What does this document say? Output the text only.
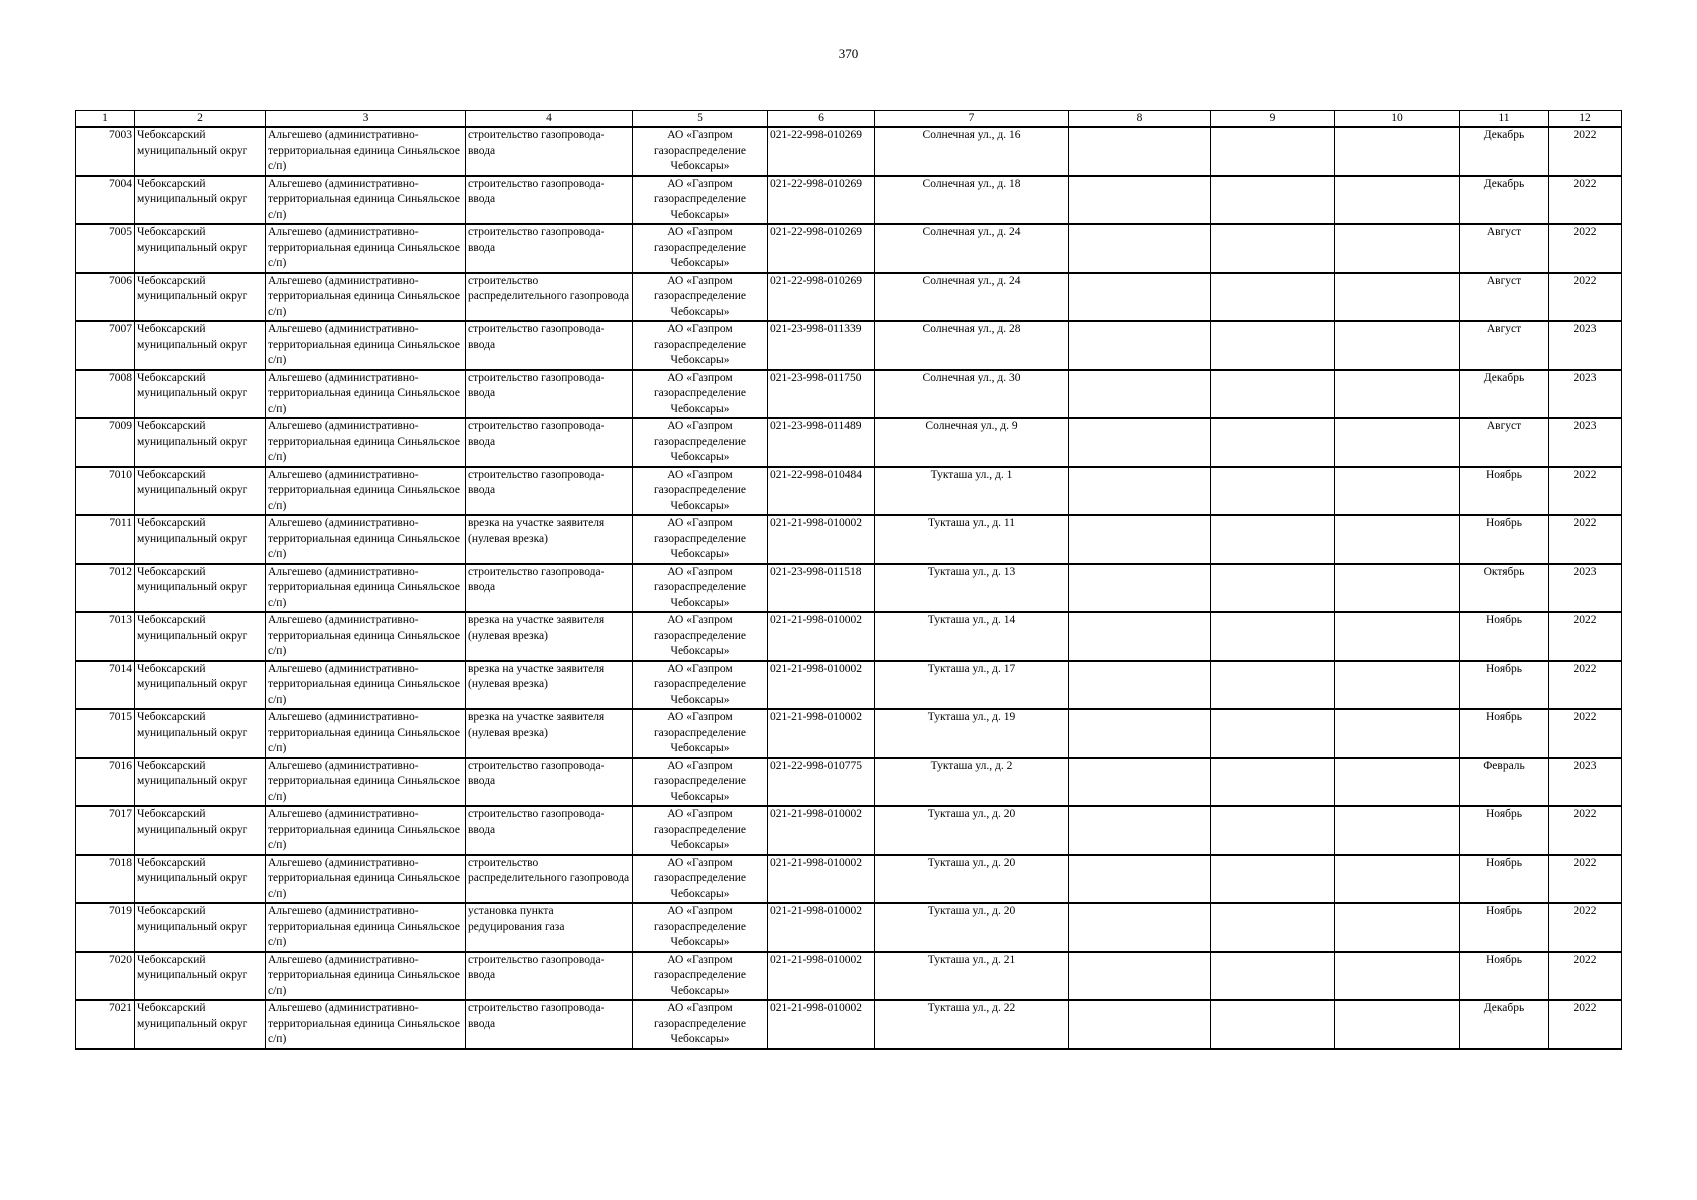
370
1	2	3	4	5	6	7	8	9	10	11	12
7003	Чебоксарский муниципальный округ	Альгешево (административно-территориальная единица Синьяльское с/п)	строительство газопровода-ввода	АО «Газпром газораспределение Чебоксары»	021-22-998-010269	Солнечная ул., д. 16				Декабрь	2022
7004	Чебоксарский муниципальный округ	Альгешево (административно-территориальная единица Синьяльское с/п)	строительство газопровода-ввода	АО «Газпром газораспределение Чебоксары»	021-22-998-010269	Солнечная ул., д. 18				Декабрь	2022
7005	Чебоксарский муниципальный округ	Альгешево (административно-территориальная единица Синьяльское с/п)	строительство газопровода-ввода	АО «Газпром газораспределение Чебоксары»	021-22-998-010269	Солнечная ул., д. 24				Август	2022
7006	Чебоксарский муниципальный округ	Альгешево (административно-территориальная единица Синьяльское с/п)	строительство распределительного газопровода	АО «Газпром газораспределение Чебоксары»	021-22-998-010269	Солнечная ул., д. 24				Август	2022
7007	Чебоксарский муниципальный округ	Альгешево (административно-территориальная единица Синьяльское с/п)	строительство газопровода-ввода	АО «Газпром газораспределение Чебоксары»	021-23-998-011339	Солнечная ул., д. 28				Август	2023
7008	Чебоксарский муниципальный округ	Альгешево (административно-территориальная единица Синьяльское с/п)	строительство газопровода-ввода	АО «Газпром газораспределение Чебоксары»	021-23-998-011750	Солнечная ул., д. 30				Декабрь	2023
7009	Чебоксарский муниципальный округ	Альгешево (административно-территориальная единица Синьяльское с/п)	строительство газопровода-ввода	АО «Газпром газораспределение Чебоксары»	021-23-998-011489	Солнечная ул., д. 9				Август	2023
7010	Чебоксарский муниципальный округ	Альгешево (административно-территориальная единица Синьяльское с/п)	строительство газопровода-ввода	АО «Газпром газораспределение Чебоксары»	021-22-998-010484	Тукташа ул., д. 1				Ноябрь	2022
7011	Чебоксарский муниципальный округ	Альгешево (административно-территориальная единица Синьяльское с/п)	врезка на участке заявителя (нулевая врезка)	АО «Газпром газораспределение Чебоксары»	021-21-998-010002	Тукташа ул., д. 11				Ноябрь	2022
7012	Чебоксарский муниципальный округ	Альгешево (административно-территориальная единица Синьяльское с/п)	строительство газопровода-ввода	АО «Газпром газораспределение Чебоксары»	021-23-998-011518	Тукташа ул., д. 13				Октябрь	2023
7013	Чебоксарский муниципальный округ	Альгешево (административно-территориальная единица Синьяльское с/п)	врезка на участке заявителя (нулевая врезка)	АО «Газпром газораспределение Чебоксары»	021-21-998-010002	Тукташа ул., д. 14				Ноябрь	2022
7014	Чебоксарский муниципальный округ	Альгешево (административно-территориальная единица Синьяльское с/п)	врезка на участке заявителя (нулевая врезка)	АО «Газпром газораспределение Чебоксары»	021-21-998-010002	Тукташа ул., д. 17				Ноябрь	2022
7015	Чебоксарский муниципальный округ	Альгешево (административно-территориальная единица Синьяльское с/п)	врезка на участке заявителя (нулевая врезка)	АО «Газпром газораспределение Чебоксары»	021-21-998-010002	Тукташа ул., д. 19				Ноябрь	2022
7016	Чебоксарский муниципальный округ	Альгешево (административно-территориальная единица Синьяльское с/п)	строительство газопровода-ввода	АО «Газпром газораспределение Чебоксары»	021-22-998-010775	Тукташа ул., д. 2				Февраль	2023
7017	Чебоксарский муниципальный округ	Альгешево (административно-территориальная единица Синьяльское с/п)	строительство газопровода-ввода	АО «Газпром газораспределение Чебоксары»	021-21-998-010002	Тукташа ул., д. 20				Ноябрь	2022
7018	Чебоксарский муниципальный округ	Альгешево (административно-территориальная единица Синьяльское с/п)	строительство распределительного газопровода	АО «Газпром газораспределение Чебоксары»	021-21-998-010002	Тукташа ул., д. 20				Ноябрь	2022
7019	Чебоксарский муниципальный округ	Альгешево (административно-территориальная единица Синьяльское с/п)	установка пункта редуцирования газа	АО «Газпром газораспределение Чебоксары»	021-21-998-010002	Тукташа ул., д. 20				Ноябрь	2022
7020	Чебоксарский муниципальный округ	Альгешево (административно-территориальная единица Синьяльское с/п)	строительство газопровода-ввода	АО «Газпром газораспределение Чебоксары»	021-21-998-010002	Тукташа ул., д. 21				Ноябрь	2022
7021	Чебоксарский муниципальный округ	Альгешево (административно-территориальная единица Синьяльское с/п)	строительство газопровода-ввода	АО «Газпром газораспределение Чебоксары»	021-21-998-010002	Тукташа ул., д. 22				Декабрь	2022
